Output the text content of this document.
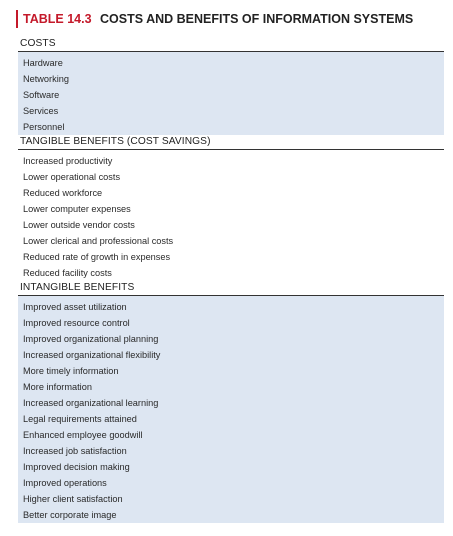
TABLE 14.3 COSTS AND BENEFITS OF INFORMATION SYSTEMS
COSTS
Hardware
Networking
Software
Services
Personnel
TANGIBLE BENEFITS (COST SAVINGS)
Increased productivity
Lower operational costs
Reduced workforce
Lower computer expenses
Lower outside vendor costs
Lower clerical and professional costs
Reduced rate of growth in expenses
Reduced facility costs
INTANGIBLE BENEFITS
Improved asset utilization
Improved resource control
Improved organizational planning
Increased organizational flexibility
More timely information
More information
Increased organizational learning
Legal requirements attained
Enhanced employee goodwill
Increased job satisfaction
Improved decision making
Improved operations
Higher client satisfaction
Better corporate image
